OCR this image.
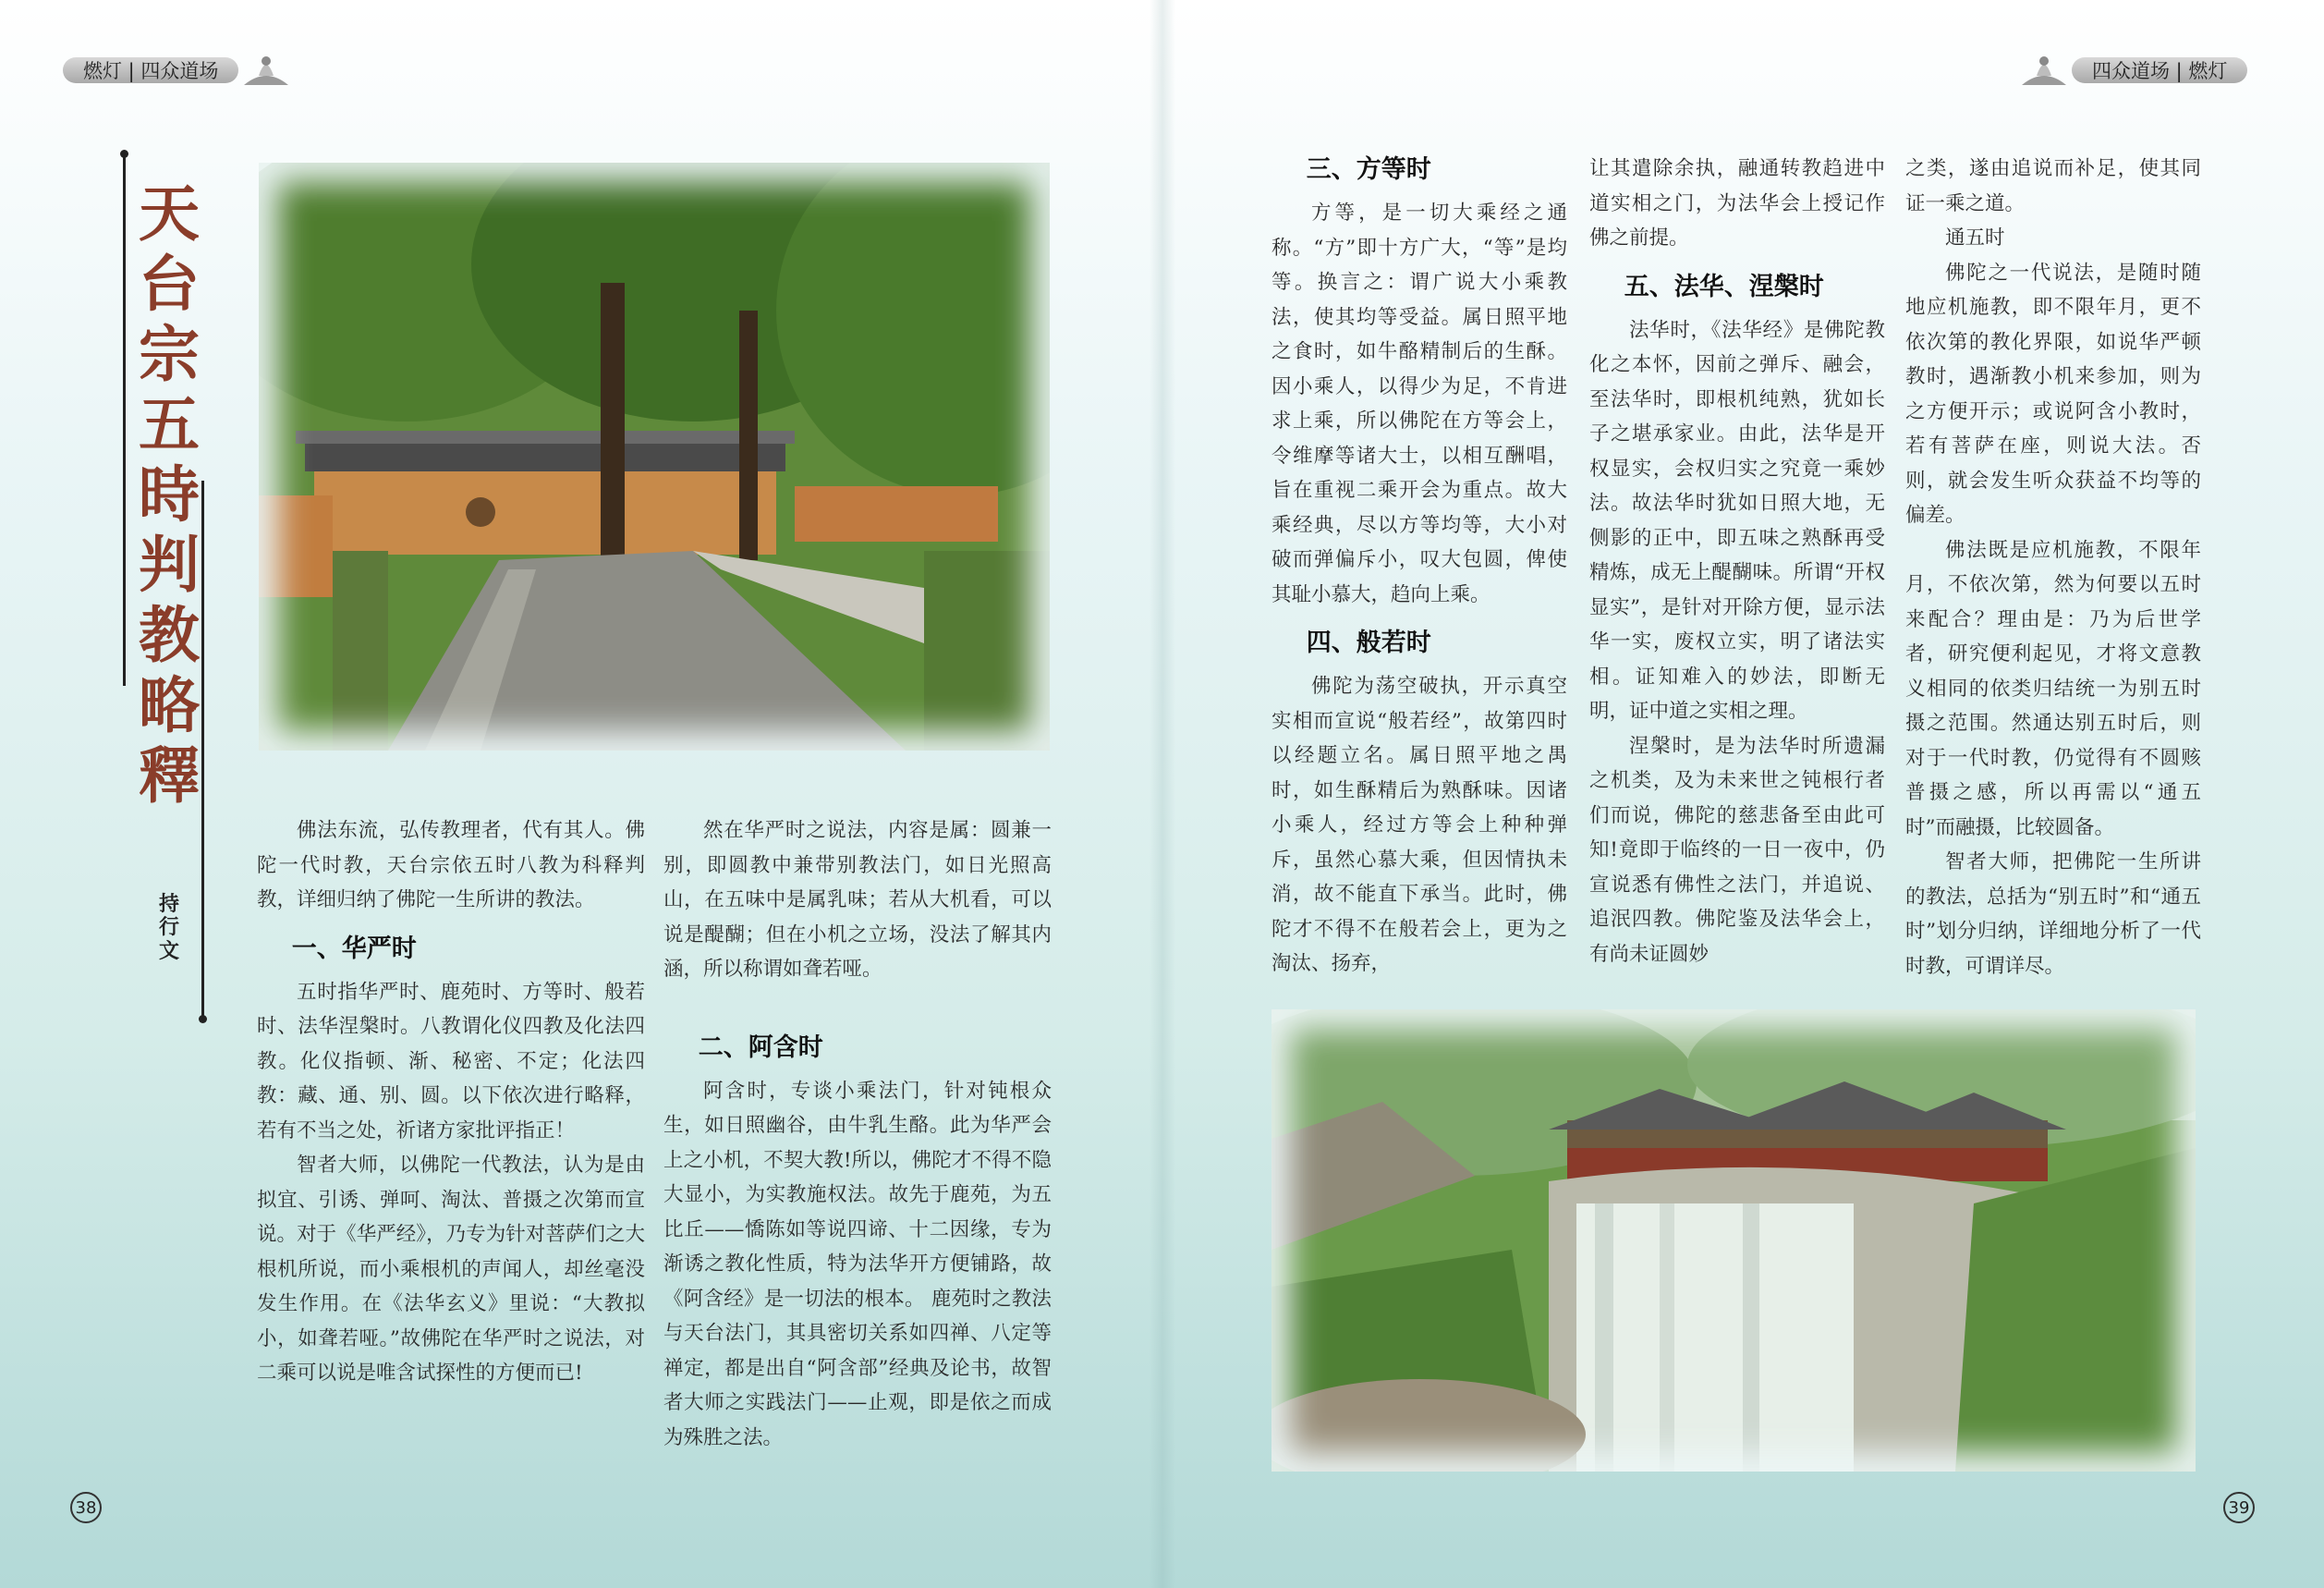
燃灯 | 四众道场	四众道场 | 燃灯
天
台
宗
五
時
判
教
略
釋
持
行
文

佛法东流，弘传教理者，代有其人。佛陀一代时教，天台宗依五时八教为科释判教，详细归纳了佛陀一生所讲的教法。

一、华严时

五时指华严时、鹿苑时、方等时、般若时、法华涅槃时。八教谓化仪四教及化法四教。化仪指顿、渐、秘密、不定；化法四教：藏、通、别、圆。以下依次进行略释，若有不当之处，祈诸方家批评指正！

智者大师，以佛陀一代教法，认为是由拟宜、引诱、弹呵、淘汰、普摄之次第而宣说。对于《华严经》，乃专为针对菩萨们之大根机所说，而小乘根机的声闻人，却丝毫没发生作用。在《法华玄义》里说：“大教拟小，如聋若哑。”故佛陀在华严时之说法，对二乘可以说是唯含试探性的方便而已!

然在华严时之说法，内容是属：圆兼一别，即圆教中兼带别教法门，如日光照高山，在五味中是属乳味；若从大机看，可以说是醍醐；但在小机之立场，没法了解其内涵，所以称谓如聋若哑。

二、阿含时

阿含时，专谈小乘法门，针对钝根众生，如日照幽谷，由牛乳生酪。此为华严会上之小机，不契大教!所以，佛陀才不得不隐大显小，为实教施权法。故先于鹿苑，为五比丘——憍陈如等说四谛、十二因缘，专为渐诱之教化性质，特为法华开方便铺路，故《阿含经》是一切法的根本。 鹿苑时之教法与天台法门，其具密切关系如四禅、八定等禅定，都是出自“阿含部”经典及论书，故智者大师之实践法门——止观，即是依之而成为殊胜之法。

三、方等时

方等，是一切大乘经之通称。“方”即十方广大，“等”是均等。换言之：谓广说大小乘教法，使其均等受益。属日照平地之食时，如牛酪精制后的生酥。因小乘人，以得少为足，不肯进求上乘，所以佛陀在方等会上，令维摩等诸大士，以相互酬唱，旨在重视二乘开会为重点。故大乘经典，尽以方等均等，大小对破而弹偏斥小，叹大包圆，俾使其耻小慕大，趋向上乘。

四、般若时

佛陀为荡空破执，开示真空实相而宣说“般若经”，故第四时以经题立名。属日照平地之禺时，如生酥精后为熟酥味。因诸小乘人，经过方等会上种种弹斥，虽然心慕大乘，但因情执未消，故不能直下承当。此时，佛陀才不得不在般若会上，更为之淘汰、扬弃，

让其遣除余执，融通转教趋进中道实相之门，为法华会上授记作佛之前提。

五、法华、涅槃时

法华时，《法华经》是佛陀教化之本怀，因前之弹斥、融会，至法华时，即根机纯熟，犹如长子之堪承家业。由此，法华是开权显实，会权归实之究竟一乘妙法。故法华时犹如日照大地，无侧影的正中，即五味之熟酥再受精炼，成无上醍醐味。所谓“开权显实”，是针对开除方便，显示法华一实，废权立实，明了诸法实相。证知难入的妙法，即断无明，证中道之实相之理。

涅槃时，是为法华时所遗漏之机类，及为未来世之钝根行者们而说，佛陀的慈悲备至由此可知!竟即于临终的一日一夜中，仍宣说悉有佛性之法门，并追说、追泯四教。佛陀鉴及法华会上，有尚未证圆妙

之类，遂由追说而补足，使其同证一乘之道。

通五时

佛陀之一代说法，是随时随地应机施教，即不限年月，更不依次第的教化界限，如说华严顿教时，遇渐教小机来参加，则为之方便开示；或说阿含小教时，若有菩萨在座，则说大法。否则，就会发生听众获益不均等的偏差。

佛法既是应机施教，不限年月，不依次第，然为何要以五时来配合？理由是：乃为后世学者，研究便利起见，才将文意教义相同的依类归结统一为别五时摄之范围。然通达别五时后，则对于一代时教，仍觉得有不圆赅普摄之感，所以再需以“通五时”而融摄，比较圆备。

智者大师，把佛陀一生所讲的教法，总括为“别五时”和“通五时”划分归纳，详细地分析了一代时教，可谓详尽。

38	39
